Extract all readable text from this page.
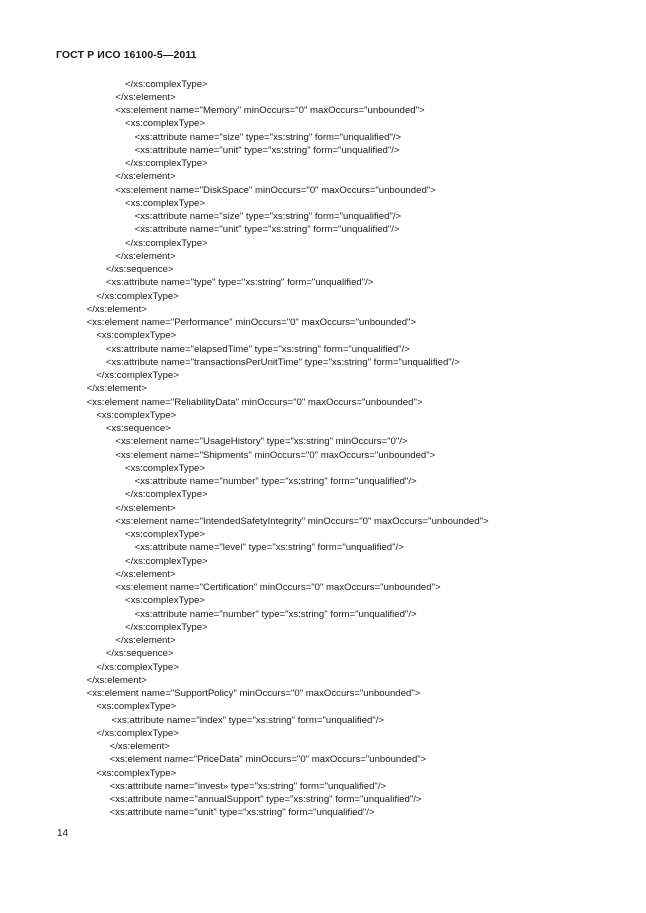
ГОСТ Р ИСО 16100-5—2011
</xs:complexType>
</xs:element>
<xs:element name="Memory" minOccurs="0" maxOccurs="unbounded">
<xs:complexType>
<xs:attribute name="size" type="xs:string" form="unqualified"/>
<xs:attribute name="unit" type="xs:string" form="unqualified"/>
</xs:complexType>
</xs:element>
<xs:element name="DiskSpace" minOccurs="0" maxOccurs="unbounded">
<xs:complexType>
<xs:attribute name="size" type="xs:string" form="unqualified"/>
<xs:attribute name="unit" type="xs:string" form="unqualified"/>
</xs:complexType>
</xs:element>
</xs:sequence>
<xs:attribute name="type" type="xs:string" form="unqualified"/>
</xs:complexType>
</xs:element>
<xs:element name="Performance" minOccurs="0" maxOccurs="unbounded">
<xs:complexType>
<xs:attribute name="elapsedTime" type="xs:string" form="unqualified"/>
<xs:attribute name="transactionsPerUnitTime" type="xs:string" form="unqualified"/>
</xs:complexType>
</xs:element>
<xs:element name="ReliabilityData" minOccurs="0" maxOccurs="unbounded">
<xs:complexType>
<xs:sequence>
<xs:element name="UsageHistory" type="xs:string" minOccurs="0"/>
<xs:element name="Shipments" minOccurs="0" maxOccurs="unbounded">
<xs:complexType>
<xs:attribute name="number" type="xs:string" form="unqualified"/>
</xs:complexType>
</xs:element>
<xs:element name="IntendedSafetyIntegrity" minOccurs="0" maxOccurs="unbounded">
<xs:complexType>
<xs:attribute name="level" type="xs:string" form="unqualified"/>
</xs:complexType>
</xs:element>
<xs:element name="Certification" minOccurs="0" maxOccurs="unbounded">
<xs:complexType>
<xs:attribute name="number" type="xs:string" form="unqualified"/>
</xs:complexType>
</xs:element>
</xs:sequence>
</xs:complexType>
</xs:element>
<xs:element name="SupportPolicy" minOccurs="0" maxOccurs="unbounded">
<xs:complexType>
<xs:attribute name="index" type="xs:string" form="unqualified"/>
</xs:complexType>
</xs:element>
<xs:element name="PriceData" minOccurs="0" maxOccurs="unbounded">
<xs:complexType>
<xs:attribute name="invest» type="xs:string" form="unqualified"/>
<xs:attribute name="annualSupport" type="xs:string" form="unqualified"/>
<xs:attribute name="unit" type="xs:string" form="unqualified"/>
14
